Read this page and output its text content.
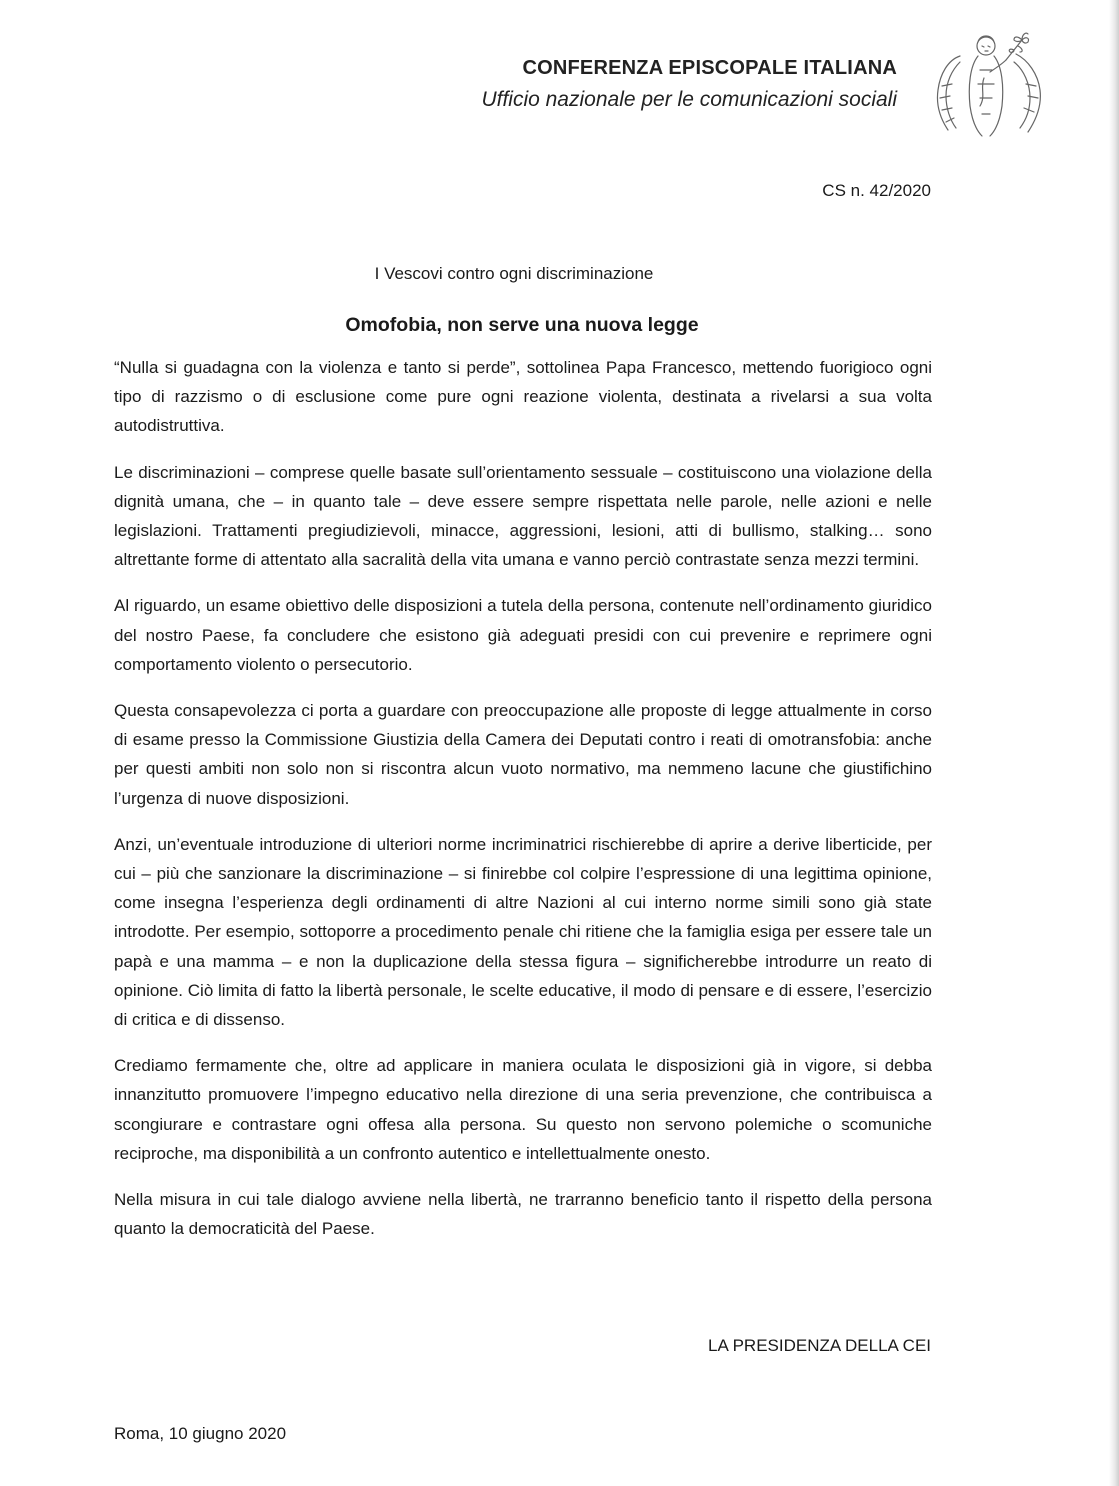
CONFERENZA EPISCOPALE ITALIANA
Ufficio nazionale per le comunicazioni sociali
CS n. 42/2020
I Vescovi contro ogni discriminazione
Omofobia, non serve una nuova legge

“Nulla si guadagna con la violenza e tanto si perde”, sottolinea Papa Francesco, mettendo fuorigioco ogni tipo di razzismo o di esclusione come pure ogni reazione violenta, destinata a rivelarsi a sua volta autodistruttiva.

Le discriminazioni – comprese quelle basate sull’orientamento sessuale – costituiscono una violazione della dignità umana, che – in quanto tale – deve essere sempre rispettata nelle parole, nelle azioni e nelle legislazioni. Trattamenti pregiudizievoli, minacce, aggressioni, lesioni, atti di bullismo, stalking… sono altrettante forme di attentato alla sacralità della vita umana e vanno perciò contrastate senza mezzi termini.

Al riguardo, un esame obiettivo delle disposizioni a tutela della persona, contenute nell’ordinamento giuridico del nostro Paese, fa concludere che esistono già adeguati presidi con cui prevenire e reprimere ogni comportamento violento o persecutorio.

Questa consapevolezza ci porta a guardare con preoccupazione alle proposte di legge attualmente in corso di esame presso la Commissione Giustizia della Camera dei Deputati contro i reati di omotransfobia: anche per questi ambiti non solo non si riscontra alcun vuoto normativo, ma nemmeno lacune che giustifichino l’urgenza di nuove disposizioni.

Anzi, un’eventuale introduzione di ulteriori norme incriminatrici rischierebbe di aprire a derive liberticide, per cui – più che sanzionare la discriminazione – si finirebbe col colpire l’espressione di una legittima opinione, come insegna l’esperienza degli ordinamenti di altre Nazioni al cui interno norme simili sono già state introdotte. Per esempio, sottoporre a procedimento penale chi ritiene che la famiglia esiga per essere tale un papà e una mamma – e non la duplicazione della stessa figura – significherebbe introdurre un reato di opinione. Ciò limita di fatto la libertà personale, le scelte educative, il modo di pensare e di essere, l’esercizio di critica e di dissenso.

Crediamo fermamente che, oltre ad applicare in maniera oculata le disposizioni già in vigore, si debba innanzitutto promuovere l’impegno educativo nella direzione di una seria prevenzione, che contribuisca a scongiurare e contrastare ogni offesa alla persona. Su questo non servono polemiche o scomuniche reciproche, ma disponibilità a un confronto autentico e intellettualmente onesto.

Nella misura in cui tale dialogo avviene nella libertà, ne trarranno beneficio tanto il rispetto della persona quanto la democraticità del Paese.

LA PRESIDENZA DELLA CEI
Roma, 10 giugno 2020
